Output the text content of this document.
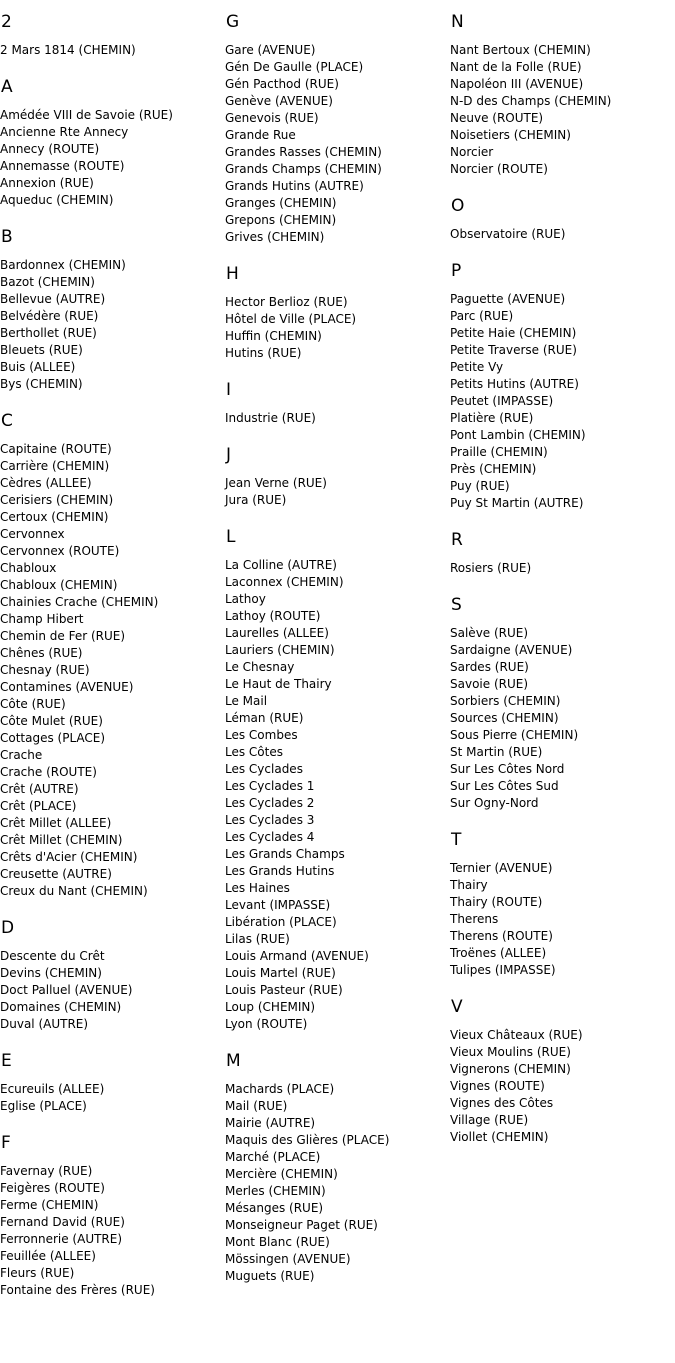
2
2 Mars 1814 (CHEMIN)
A
Amédée VIII de Savoie (RUE)
Ancienne Rte Annecy
Annecy (ROUTE)
Annemasse (ROUTE)
Annexion (RUE)
Aqueduc (CHEMIN)
B
Bardonnex (CHEMIN)
Bazot (CHEMIN)
Bellevue (AUTRE)
Belvédère (RUE)
Berthollet (RUE)
Bleuets (RUE)
Buis (ALLEE)
Bys (CHEMIN)
C
Capitaine (ROUTE)
Carrière (CHEMIN)
Cèdres (ALLEE)
Cerisiers (CHEMIN)
Certoux (CHEMIN)
Cervonnex
Cervonnex (ROUTE)
Chabloux
Chabloux (CHEMIN)
Chainies Crache (CHEMIN)
Champ Hibert
Chemin de Fer (RUE)
Chênes (RUE)
Chesnay (RUE)
Contamines (AVENUE)
Côte (RUE)
Côte Mulet (RUE)
Cottages (PLACE)
Crache
Crache (ROUTE)
Crêt (AUTRE)
Crêt (PLACE)
Crêt Millet (ALLEE)
Crêt Millet (CHEMIN)
Crêts d'Acier (CHEMIN)
Creusette (AUTRE)
Creux du Nant (CHEMIN)
D
Descente du Crêt
Devins (CHEMIN)
Doct Palluel (AVENUE)
Domaines (CHEMIN)
Duval (AUTRE)
E
Ecureuils (ALLEE)
Eglise (PLACE)
F
Favernay (RUE)
Feigères (ROUTE)
Ferme (CHEMIN)
Fernand David (RUE)
Ferronnerie (AUTRE)
Feuillée (ALLEE)
Fleurs (RUE)
Fontaine des Frères (RUE)
G
Gare (AVENUE)
Gén De Gaulle (PLACE)
Gén Pacthod (RUE)
Genève (AVENUE)
Genevois (RUE)
Grande Rue
Grandes Rasses (CHEMIN)
Grands Champs (CHEMIN)
Grands Hutins (AUTRE)
Granges (CHEMIN)
Grepons (CHEMIN)
Grives (CHEMIN)
H
Hector Berlioz (RUE)
Hôtel de Ville (PLACE)
Huffin (CHEMIN)
Hutins (RUE)
I
Industrie (RUE)
J
Jean Verne (RUE)
Jura (RUE)
L
La Colline (AUTRE)
Laconnex (CHEMIN)
Lathoy
Lathoy (ROUTE)
Laurelles (ALLEE)
Lauriers (CHEMIN)
Le Chesnay
Le Haut de Thairy
Le Mail
Léman (RUE)
Les Combes
Les Côtes
Les Cyclades
Les Cyclades 1
Les Cyclades 2
Les Cyclades 3
Les Cyclades 4
Les Grands Champs
Les Grands Hutins
Les Haines
Levant (IMPASSE)
Libération (PLACE)
Lilas (RUE)
Louis Armand (AVENUE)
Louis Martel (RUE)
Louis Pasteur (RUE)
Loup (CHEMIN)
Lyon (ROUTE)
M
Machards (PLACE)
Mail (RUE)
Mairie (AUTRE)
Maquis des Glières (PLACE)
Marché (PLACE)
Mercière (CHEMIN)
Merles (CHEMIN)
Mésanges (RUE)
Monseigneur Paget (RUE)
Mont Blanc (RUE)
Mössingen (AVENUE)
Muguets (RUE)
N
Nant Bertoux (CHEMIN)
Nant de la Folle (RUE)
Napoléon III (AVENUE)
N-D des Champs (CHEMIN)
Neuve (ROUTE)
Noisetiers (CHEMIN)
Norcier
Norcier (ROUTE)
O
Observatoire (RUE)
P
Paguette (AVENUE)
Parc (RUE)
Petite Haie (CHEMIN)
Petite Traverse (RUE)
Petite Vy
Petits Hutins (AUTRE)
Peutet (IMPASSE)
Platière (RUE)
Pont Lambin (CHEMIN)
Praille (CHEMIN)
Près (CHEMIN)
Puy (RUE)
Puy St Martin (AUTRE)
R
Rosiers (RUE)
S
Salève (RUE)
Sardaigne (AVENUE)
Sardes (RUE)
Savoie (RUE)
Sorbiers (CHEMIN)
Sources (CHEMIN)
Sous Pierre (CHEMIN)
St Martin (RUE)
Sur Les Côtes Nord
Sur Les Côtes Sud
Sur Ogny-Nord
T
Ternier (AVENUE)
Thairy
Thairy (ROUTE)
Therens
Therens (ROUTE)
Troënes (ALLEE)
Tulipes (IMPASSE)
V
Vieux Châteaux (RUE)
Vieux Moulins (RUE)
Vignerons (CHEMIN)
Vignes (ROUTE)
Vignes des Côtes
Village (RUE)
Viollet (CHEMIN)
